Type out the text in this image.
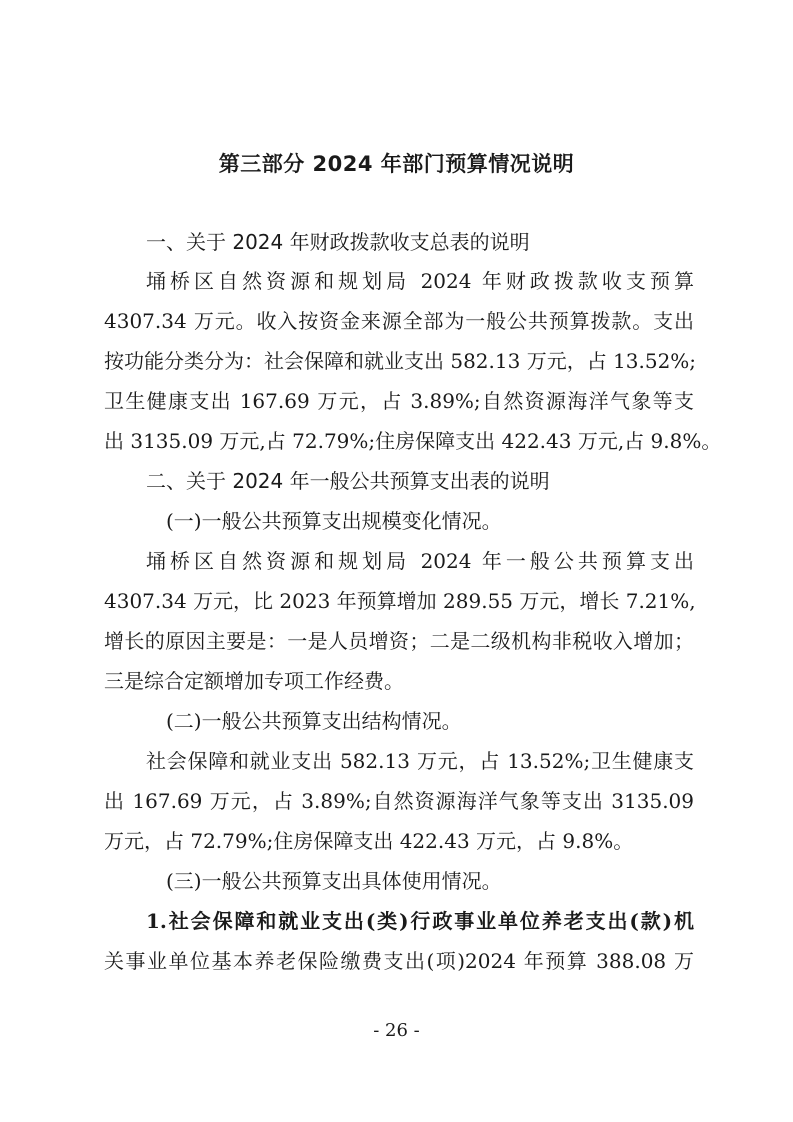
第三部分 2024 年部门预算情况说明
一、关于 2024 年财政拨款收支总表的说明
埇桥区自然资源和规划局 2024 年财政拨款收支预算
4307.34 万元。收入按资金来源全部为一般公共预算拨款。支出
按功能分类分为：社会保障和就业支出 582.13 万元，占 13.52%;
卫生健康支出 167.69 万元，占 3.89%;自然资源海洋气象等支
出 3135.09 万元,占 72.79%;住房保障支出 422.43 万元,占 9.8%。
二、关于 2024 年一般公共预算支出表的说明
(一)一般公共预算支出规模变化情况。
埇桥区自然资源和规划局 2024 年一般公共预算支出
4307.34 万元，比 2023 年预算增加 289.55 万元，增长 7.21%,
增长的原因主要是：一是人员增资；二是二级机构非税收入增加；
三是综合定额增加专项工作经费。
(二)一般公共预算支出结构情况。
社会保障和就业支出 582.13 万元，占 13.52%;卫生健康支
出 167.69 万元，占 3.89%;自然资源海洋气象等支出 3135.09
万元，占 72.79%;住房保障支出 422.43 万元，占 9.8%。
(三)一般公共预算支出具体使用情况。
1.社会保障和就业支出(类)行政事业单位养老支出(款)机
关事业单位基本养老保险缴费支出(项)2024 年预算 388.08 万
- 26 -
